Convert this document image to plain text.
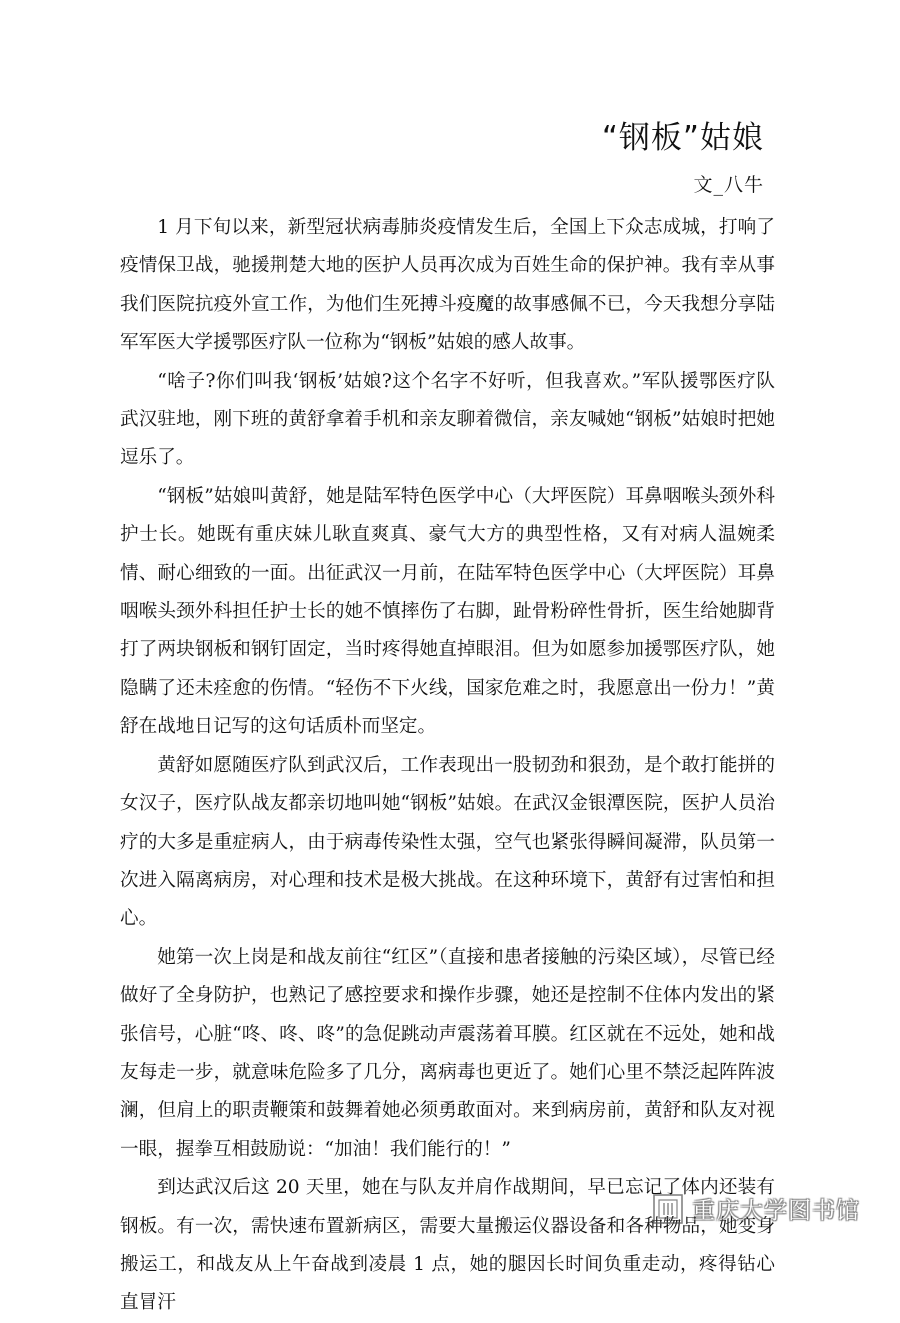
“钢板”姑娘
文_八牛

1 月下旬以来，新型冠状病毒肺炎疫情发生后，全国上下众志成城，打响了疫情保卫战，驰援荆楚大地的医护人员再次成为百姓生命的保护神。我有幸从事我们医院抗疫外宣工作，为他们生死搏斗疫魔的故事感佩不已，今天我想分享陆军军医大学援鄂医疗队一位称为“钢板”姑娘的感人故事。

“啥子?你们叫我‘钢板’姑娘?这个名字不好听，但我喜欢。”军队援鄂医疗队武汉驻地，刚下班的黄舒拿着手机和亲友聊着微信，亲友喊她“钢板”姑娘时把她逗乐了。

“钢板”姑娘叫黄舒，她是陆军特色医学中心（大坪医院）耳鼻咽喉头颈外科护士长。她既有重庆妹儿耿直爽真、豪气大方的典型性格，又有对病人温婉柔情、耐心细致的一面。出征武汉一月前，在陆军特色医学中心（大坪医院）耳鼻咽喉头颈外科担任护士长的她不慎摔伤了右脚，趾骨粉碎性骨折，医生给她脚背打了两块钢板和钢钉固定，当时疼得她直掉眼泪。但为如愿参加援鄂医疗队，她隐瞒了还未痊愈的伤情。“轻伤不下火线，国家危难之时，我愿意出一份力！”黄舒在战地日记写的这句话质朴而坚定。

黄舒如愿随医疗队到武汉后，工作表现出一股韧劲和狠劲，是个敢打能拼的女汉子，医疗队战友都亲切地叫她“钢板”姑娘。在武汉金银潭医院，医护人员治疗的大多是重症病人，由于病毒传染性太强，空气也紧张得瞬间凝滞，队员第一次进入隔离病房，对心理和技术是极大挑战。在这种环境下，黄舒有过害怕和担心。

她第一次上岗是和战友前往“红区”（直接和患者接触的污染区域），尽管已经做好了全身防护，也熟记了感控要求和操作步骤，她还是控制不住体内发出的紧张信号，心脏“咚、咚、咚”的急促跳动声震荡着耳膜。红区就在不远处，她和战友每走一步，就意味危险多了几分，离病毒也更近了。她们心里不禁泛起阵阵波澜，但肩上的职责鞭策和鼓舞着她必须勇敢面对。来到病房前，黄舒和队友对视一眼，握拳互相鼓励说：“加油！我们能行的！”

到达武汉后这 20 天里，她在与队友并肩作战期间，早已忘记了体内还装有钢板。有一次，需快速布置新病区，需要大量搬运仪器设备和各种物品，她变身搬运工，和战友从上午奋战到凌晨 1 点，她的腿因长时间负重走动，疼得钻心直冒汗

重庆大学图书馆
